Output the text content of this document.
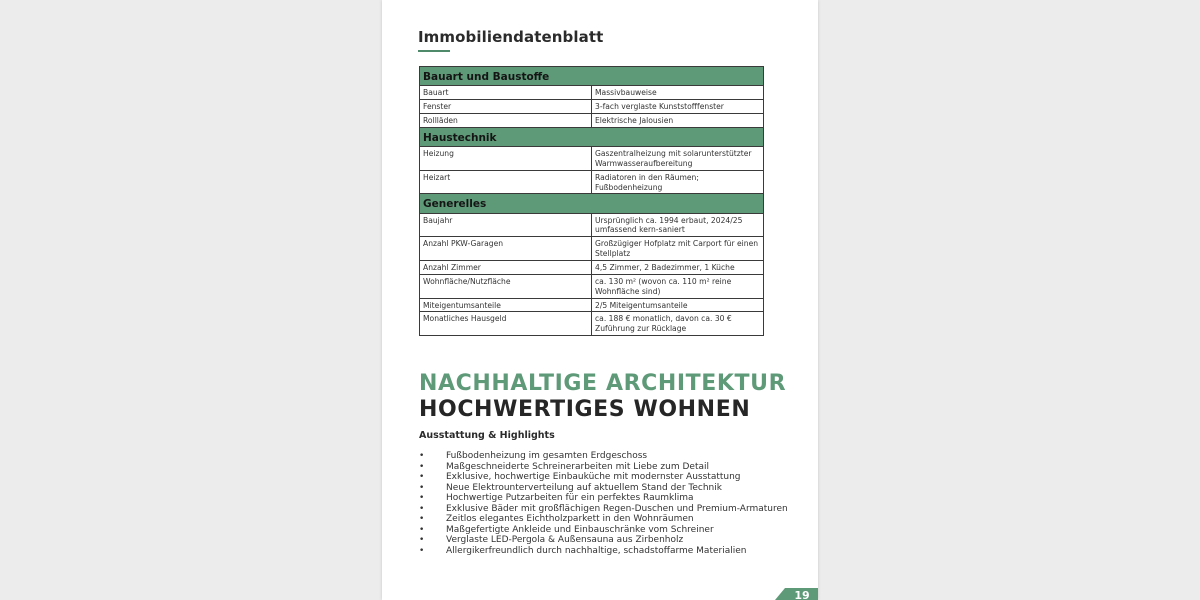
Immobiliendatenblatt
Bauart und Baustoffe	
Bauart	Massivbauweise
Fenster	3-fach verglaste Kunststofffenster
Rollläden	Elektrische Jalousien
Haustechnik	
Heizung	Gaszentralheizung mit solarunterstützter Warmwasseraufbereitung
Heizart	Radiatoren in den Räumen; Fußbodenheizung
Generelles	
Baujahr	Ursprünglich ca. 1994 erbaut, 2024/25 umfassend kern-saniert
Anzahl PKW-Garagen	Großzügiger Hofplatz mit Carport für einen Stellplatz
Anzahl Zimmer	4,5 Zimmer, 2 Badezimmer, 1 Küche
Wohnfläche/Nutzfläche	ca. 130 m² (wovon ca. 110 m² reine Wohnfläche sind)
Miteigentumsanteile	2/5 Miteigentumsanteile
Monatliches Hausgeld	ca. 188 € monatlich, davon ca. 30 € Zuführung zur Rücklage
NACHHALTIGE ARCHITEKTUR
HOCHWERTIGES WOHNEN
Ausstattung & Highlights
• Fußbodenheizung im gesamten Erdgeschoss
• Maßgeschneiderte Schreinerarbeiten mit Liebe zum Detail
• Exklusive, hochwertige Einbauküche mit modernster Ausstattung
• Neue Elektrounterverteilung auf aktuellem Stand der Technik
• Hochwertige Putzarbeiten für ein perfektes Raumklima
• Exklusive Bäder mit großflächigen Regen-Duschen und Premium-Armaturen
• Zeitlos elegantes Eichtholzparkett in den Wohnräumen
• Maßgefertigte Ankleide und Einbauschränke vom Schreiner
• Verglaste LED-Pergola & Außensauna aus Zirbenholz
• Allergikerfreundlich durch nachhaltige, schadstoffarme Materialien
19
